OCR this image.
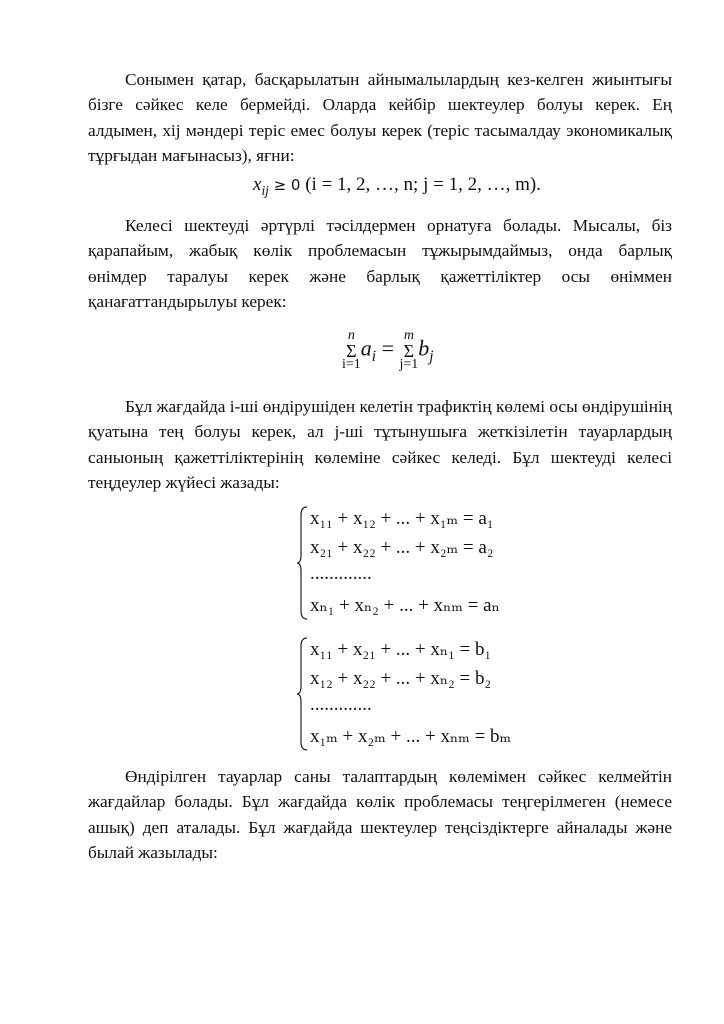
Сонымен қатар, басқарылатын айнымалылардың кез-келген жиынтығы
бізге сәйкес келе бермейді. Оларда кейбір шектеулер болуы керек. Ең
алдымен, xij мәндері теріс емес болуы керек (теріс тасымалдау экономикалық
тұрғыдан мағынасыз), яғни:
$x_{ij} \ge 0$ (i = 1, 2, …, n; j = 1, 2, …, m).
Келесі шектеуді әртүрлі тәсілдермен орнатуға болады. Мысалы, біз
қарапайым, жабық көлік проблемасын тұжырымдаймыз, онда барлық
өнімдер таралуы керек және барлық қажеттіліктер осы өніммен
қанағаттандырылуы керек:
n
Σ
i=1
$a_i$ =
m
Σ
j=1
$b_j$
Бұл жағдайда і-ші өндірушіден келетін трафиктің көлемі осы өндірушінің
қуатына тең болуы керек, ал j-ші тұтынушыға жеткізілетін тауарлардың
саныоның қажеттіліктерінің көлеміне сәйкес келеді. Бұл шектеуді келесі
теңдеулер жүйесі жазады:
x₁₁ + x₁₂ + ... + x₁ₘ = a₁
x₂₁ + x₂₂ + ... + x₂ₘ = a₂
.............
xₙ₁ + xₙ₂ + ... + xₙₘ = aₙ
x₁₁ + x₂₁ + ... + xₙ₁ = b₁
x₁₂ + x₂₂ + ... + xₙ₂ = b₂
.............
x₁ₘ + x₂ₘ + ... + xₙₘ = bₘ
Өндірілген тауарлар саны талаптардың көлемімен сәйкес келмейтін
жағдайлар болады. Бұл жағдайда көлік проблемасы теңгерілмеген (немесе
ашық) деп аталады. Бұл жағдайда шектеулер теңсіздіктерге айналады және
былай жазылады:
